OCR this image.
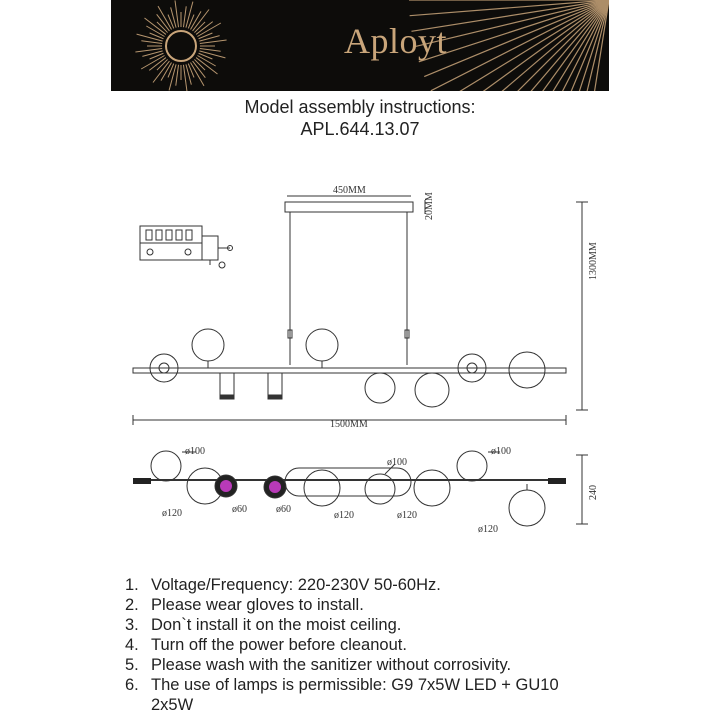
Aployt
Model assembly instructions:
APL.644.13.07
450MM
20MM
1300MM
1500MM
240
ø100
ø100
ø100
ø120	ø60	ø60
ø120	ø120
ø120
1. Voltage/Frequency: 220-230V 50-60Hz.
2. Please wear gloves to install.
3. Don`t install it on the moist ceiling.
4. Turn off the power before cleanout.
5. Please wash with the sanitizer without corrosivity.
6. The use of lamps is permissible: G9 7x5W LED + GU10 2x5W
